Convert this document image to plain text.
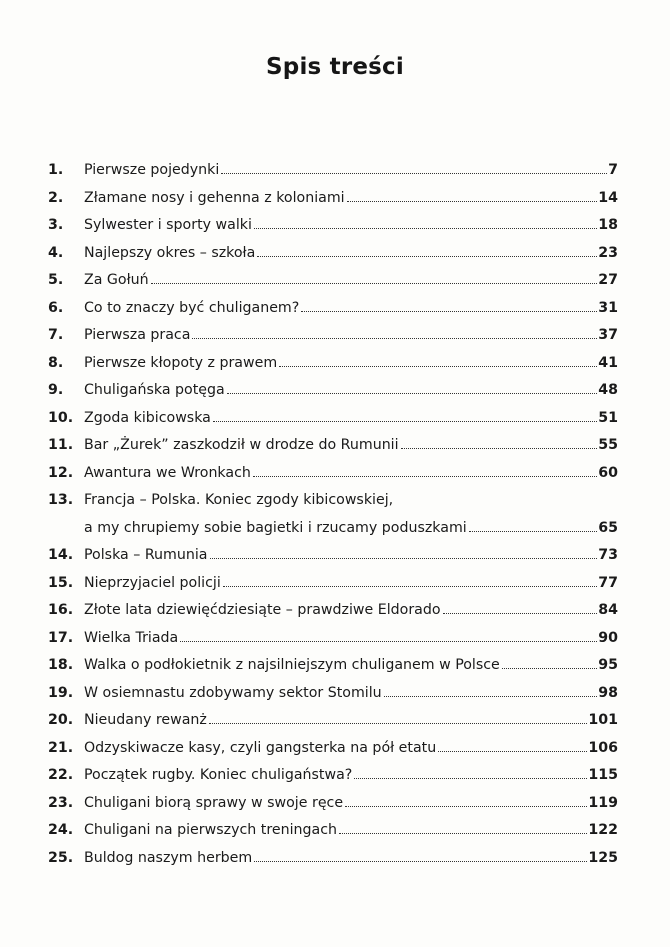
Spis treści
1.	Pierwsze pojedynki	7
2.	Złamane nosy i gehenna z koloniami	14
3.	Sylwester i sporty walki	18
4.	Najlepszy okres – szkoła	23
5.	Za Gołuń	27
6.	Co to znaczy być chuliganem?	31
7.	Pierwsza praca	37
8.	Pierwsze kłopoty z prawem	41
9.	Chuligańska potęga	48
10. Zgoda kibicowska	51
11. Bar „Żurek” zaszkodził w drodze do Rumunii	55
12. Awantura we Wronkach	60
13. Francja – Polska. Koniec zgody kibicowskiej,
a my chrupiemy sobie bagietki i rzucamy poduszkami	65
14. Polska – Rumunia	73
15. Nieprzyjaciel policji	77
16. Złote lata dziewięćdziesiąte – prawdziwe Eldorado	84
17. Wielka Triada	90
18. Walka o podłokietnik z najsilniejszym chuliganem w Polsce	95
19. W osiemnastu zdobywamy sektor Stomilu	98
20. Nieudany rewanż	101
21. Odzyskiwacze kasy, czyli gangsterka na pół etatu	106
22. Początek rugby. Koniec chuligaństwa?	115
23. Chuligani biorą sprawy w swoje ręce	119
24. Chuligani na pierwszych treningach	122
25. Buldog naszym herbem	125
